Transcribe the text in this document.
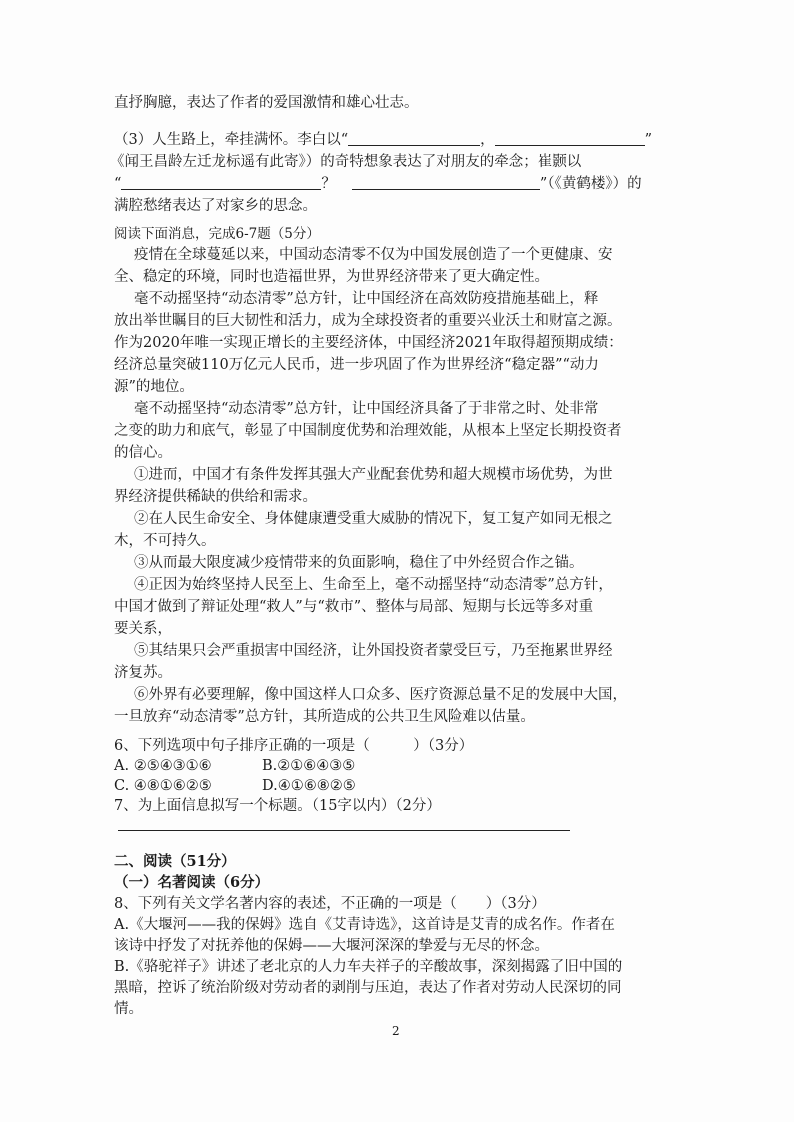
直抒胸臆，表达了作者的爱国激情和雄心壮志。
（3）人生路上，牵挂满怀。李白以“	，	”
《闻王昌龄左迁龙标遥有此寄》）的奇特想象表达了对朋友的牵念；崔颢以
“	？	”（《黄鹤楼》）的
满腔愁绪表达了对家乡的思念。
阅读下面消息，完成6-7题（5分）
疫情在全球蔓延以来，中国动态清零不仅为中国发展创造了一个更健康、安
全、稳定的环境，同时也造福世界，为世界经济带来了更大确定性。
毫不动摇坚持“动态清零”总方针，让中国经济在高效防疫措施基础上，释
放出举世瞩目的巨大韧性和活力，成为全球投资者的重要兴业沃土和财富之源。
作为2020年唯一实现正增长的主要经济体，中国经济2021年取得超预期成绩：
经济总量突破110万亿元人民币，进一步巩固了作为世界经济“稳定器”“动力
源”的地位。
毫不动摇坚持“动态清零”总方针，让中国经济具备了于非常之时、处非常
之变的助力和底气，彰显了中国制度优势和治理效能，从根本上坚定长期投资者
的信心。
①进而，中国才有条件发挥其强大产业配套优势和超大规模市场优势，为世
界经济提供稀缺的供给和需求。
②在人民生命安全、身体健康遭受重大威胁的情况下，复工复产如同无根之
木，不可持久。
③从而最大限度减少疫情带来的负面影响，稳住了中外经贸合作之锚。
④正因为始终坚持人民至上、生命至上，毫不动摇坚持“动态清零”总方针，
中国才做到了辩证处理“救人”与“救市”、整体与局部、短期与长远等多对重
要关系，
⑤其结果只会严重损害中国经济，让外国投资者蒙受巨亏，乃至拖累世界经
济复苏。
⑥外界有必要理解，像中国这样人口众多、医疗资源总量不足的发展中大国，
一旦放弃“动态清零”总方针，其所造成的公共卫生风险难以估量。
6、下列选项中句子排序正确的一项是（　　　）（3分）
A. ②⑤④③①⑥	B.②①⑥④③⑤
C. ④⑧①⑥②⑤	D.④①⑥⑧②⑤
7、为上面信息拟写一个标题。（15字以内）（2分）
二、阅读（51分）
（一）名著阅读（6分）
8、下列有关文学名著内容的表述，不正确的一项是（　　）（3分）
A.《大堰河——我的保姆》选自《艾青诗选》，这首诗是艾青的成名作。作者在
该诗中抒发了对抚养他的保姆——大堰河深深的挚爱与无尽的怀念。
B.《骆驼祥子》讲述了老北京的人力车夫祥子的辛酸故事，深刻揭露了旧中国的
黑暗，控诉了统治阶级对劳动者的剥削与压迫，表达了作者对劳动人民深切的同
情。
2
